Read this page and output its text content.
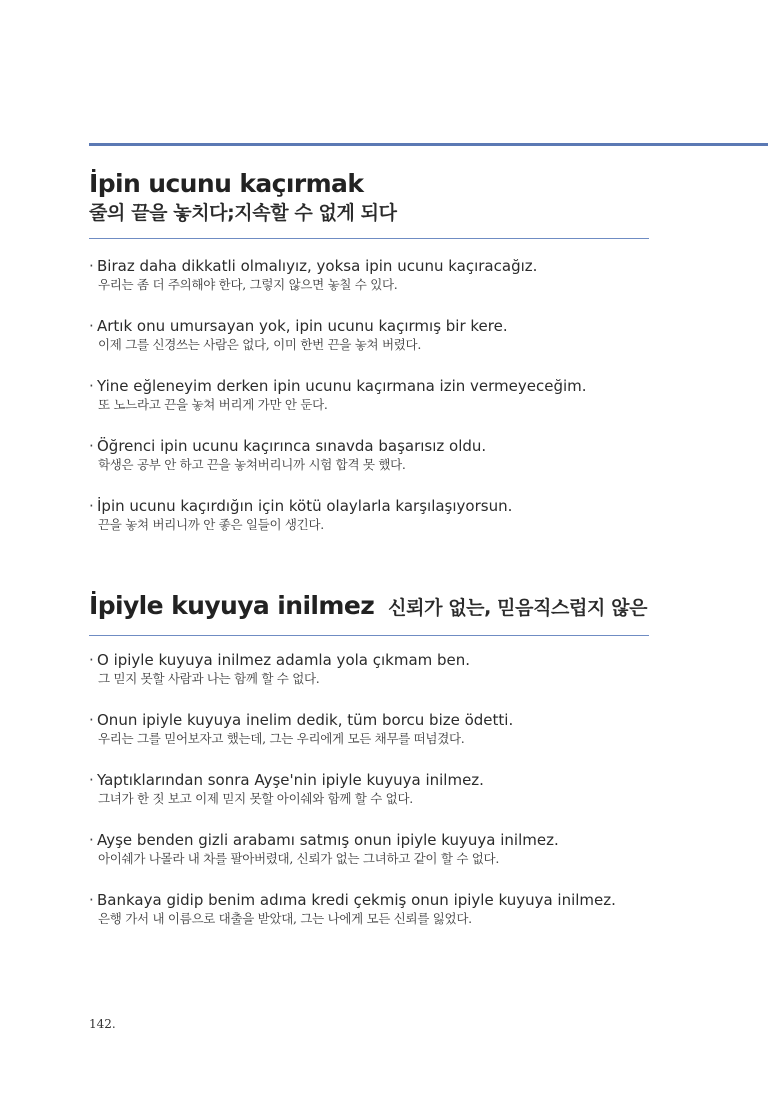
İpin ucunu kaçırmak
줄의 끝을 놓치다;지속할 수 없게 되다
· Biraz daha dikkatli olmalıyız, yoksa ipin ucunu kaçıracağız.
우리는 좀 더 주의해야 한다, 그렇지 않으면 놓칠 수 있다.
· Artık onu umursayan yok, ipin ucunu kaçırmış bir kere.
이제 그를 신경쓰는 사람은 없다, 이미 한번 끈을 놓쳐 버렸다.
· Yine eğleneyim derken ipin ucunu kaçırmana izin vermeyeceğim.
또 노느라고 끈을 놓쳐 버리게 가만 안 둔다.
· Öğrenci ipin ucunu kaçırınca sınavda başarısız oldu.
학생은 공부 안 하고 끈을 놓쳐버리니까 시험 합격 못 했다.
· İpin ucunu kaçırdığın için kötü olaylarla karşılaşıyorsun.
끈을 놓쳐 버리니까 안 좋은 일들이 생긴다.
İpiyle kuyuya inilmez 신뢰가 없는, 믿음직스럽지 않은
· O ipiyle kuyuya inilmez adamla yola çıkmam ben.
그 믿지 못할 사람과 나는 함께 할 수 없다.
· Onun ipiyle kuyuya inelim dedik, tüm borcu bize ödetti.
우리는 그를 믿어보자고 했는데, 그는 우리에게 모든 채무를 떠넘겼다.
· Yaptıklarından sonra Ayşe'nin ipiyle kuyuya inilmez.
그녀가 한 짓 보고 이제 믿지 못할 아이쉐와 함께 할 수 없다.
· Ayşe benden gizli arabamı satmış onun ipiyle kuyuya inilmez.
아이쉐가 나몰라 내 차를 팔아버렸대, 신뢰가 없는 그녀하고 같이 할 수 없다.
· Bankaya gidip benim adıma kredi çekmiş onun ipiyle kuyuya inilmez.
은행 가서 내 이름으로 대출을 받았대, 그는 나에게 모든 신뢰를 잃었다.
142.
